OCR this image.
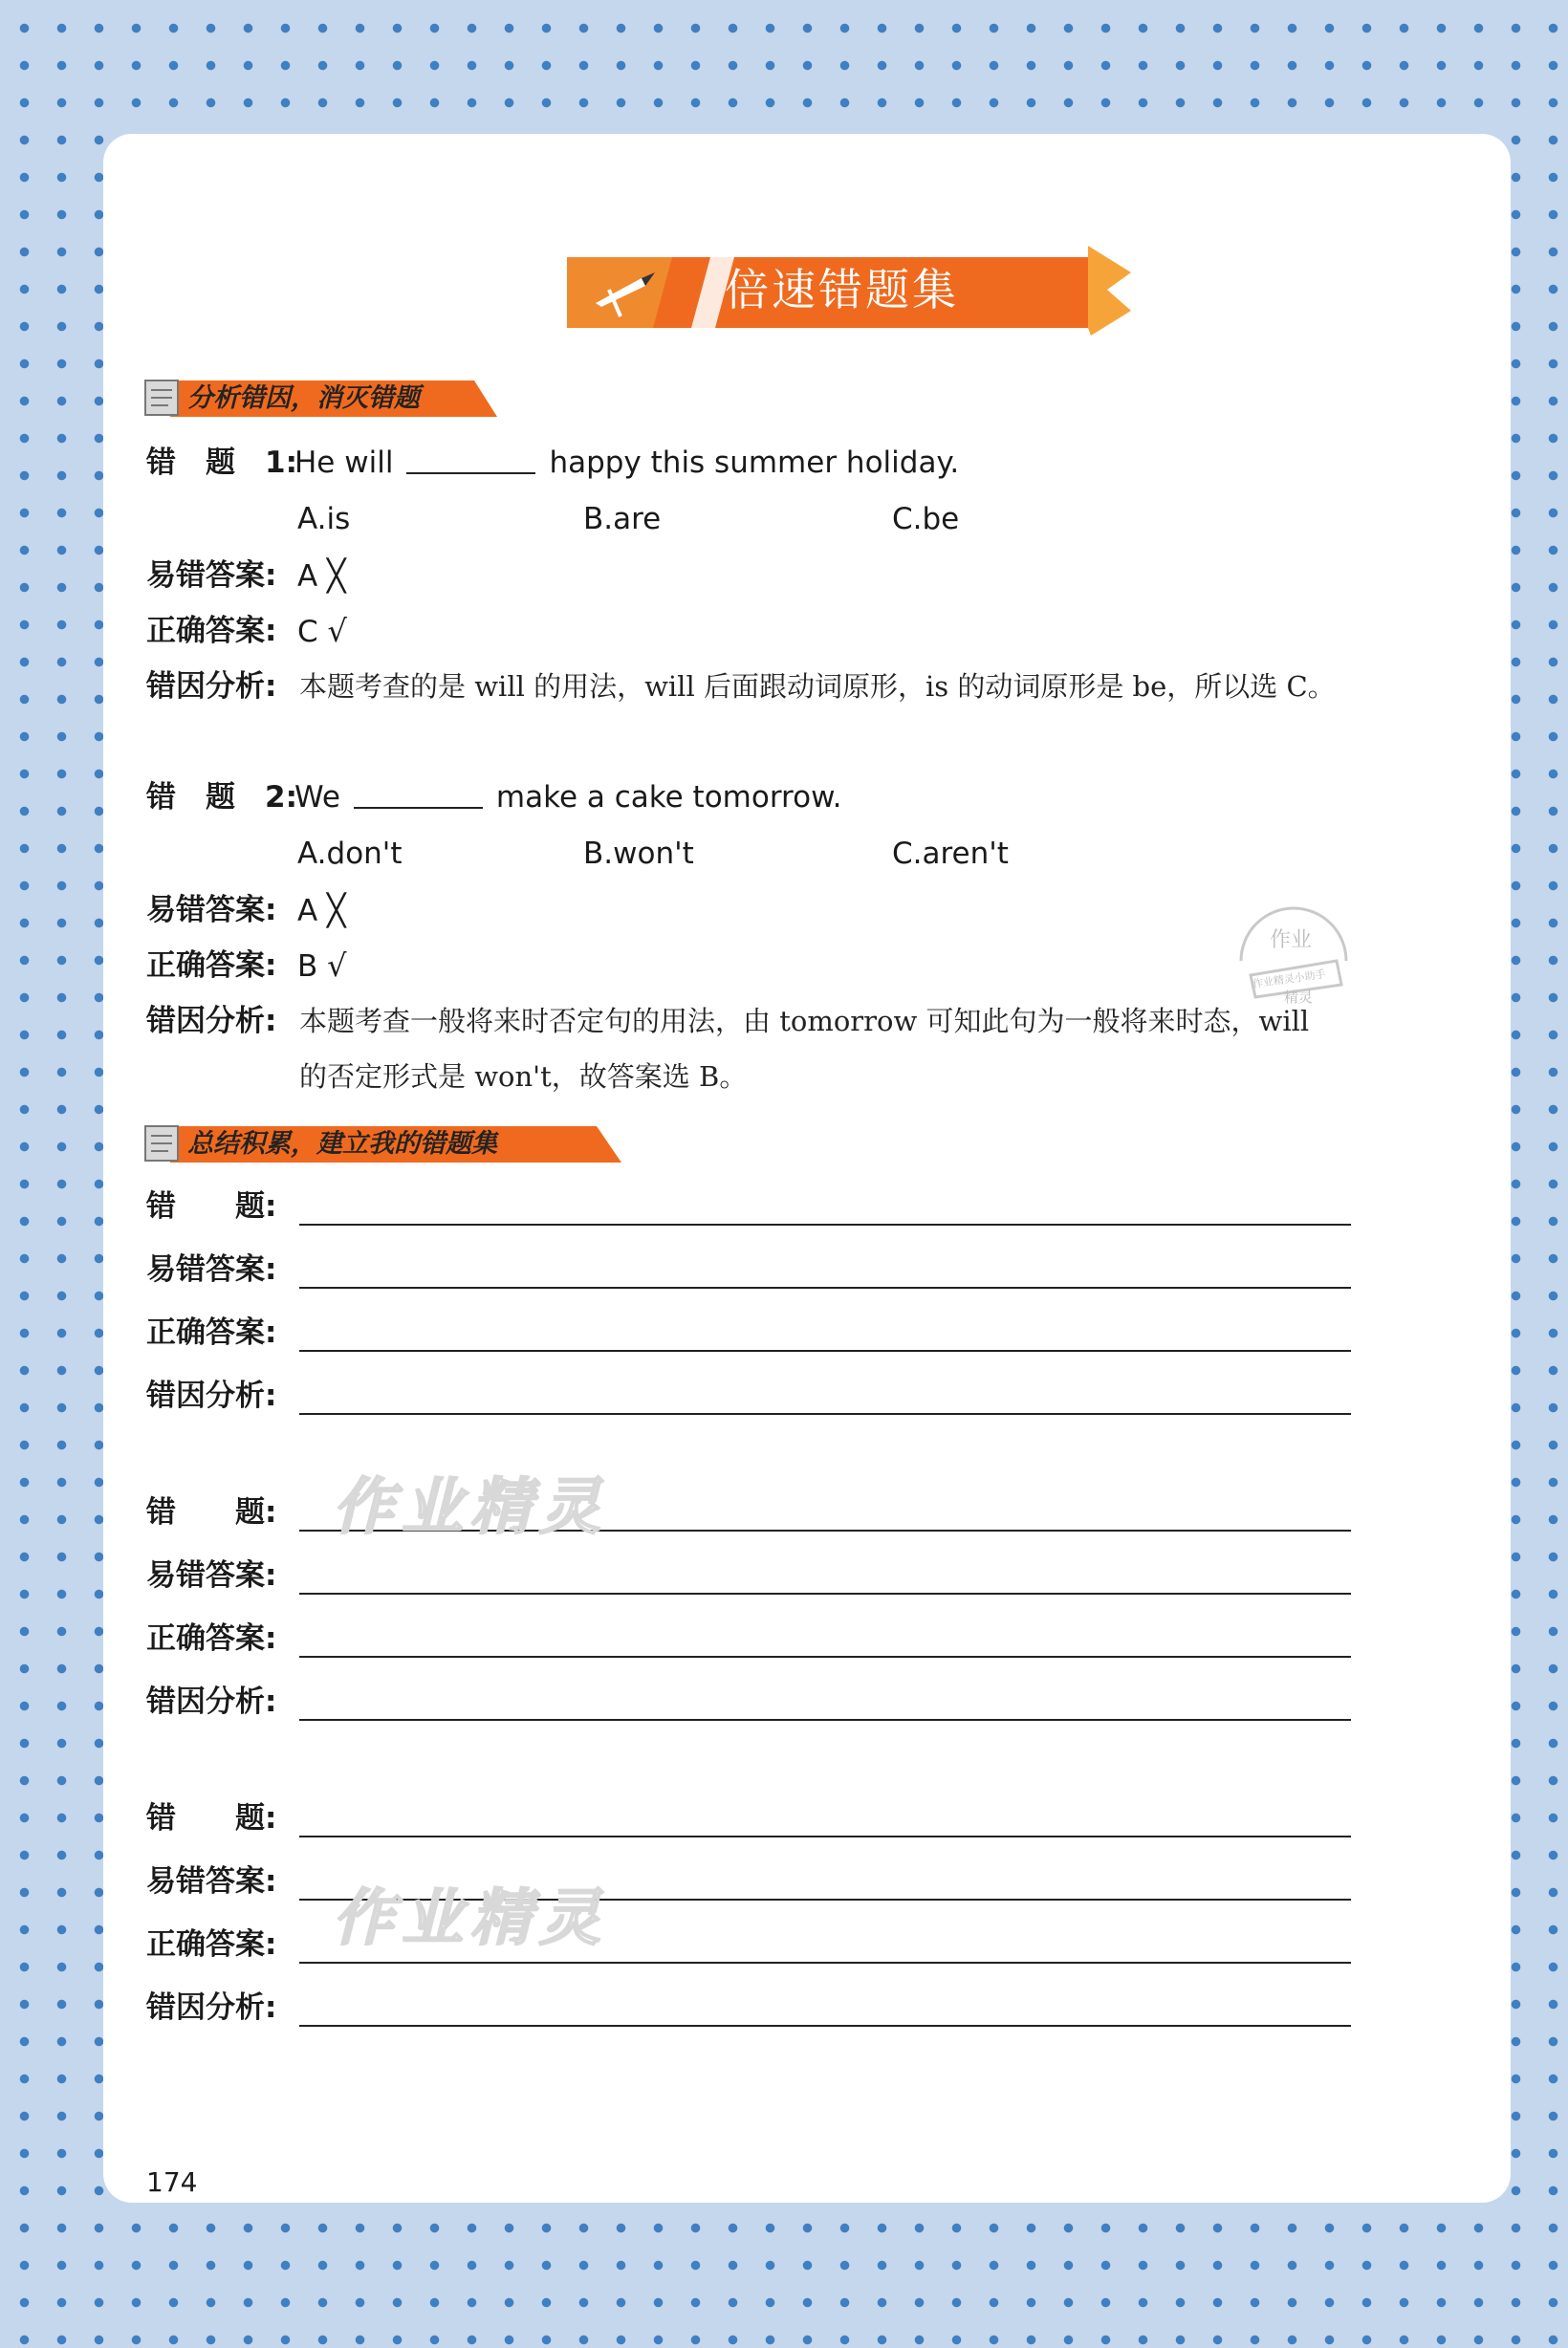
倍速错题集
分析错因，消灭错题
错　题　1:
He will	happy this summer holiday.
A.is	B.are	C.be
易错答案: A ╳
正确答案: C √
错因分析: 本题考查的是 will 的用法，will 后面跟动词原形，is 的动词原形是 be，所以选 C。
错　题　2:
We	make a cake tomorrow.
A.don't	B.won't	C.aren't
易错答案: A ╳
正确答案: B √
错因分析: 本题考查一般将来时否定句的用法，由 tomorrow 可知此句为一般将来时态，will
的否定形式是 won't，故答案选 B。
作业
作业精灵小助手
精灵
总结积累，建立我的错题集
错　　题:
易错答案:
正确答案:
错因分析:
错　　题:
易错答案:
正确答案:
错因分析:
错　　题:
易错答案:
正确答案:
错因分析:
作业精灵
作业精灵
174
